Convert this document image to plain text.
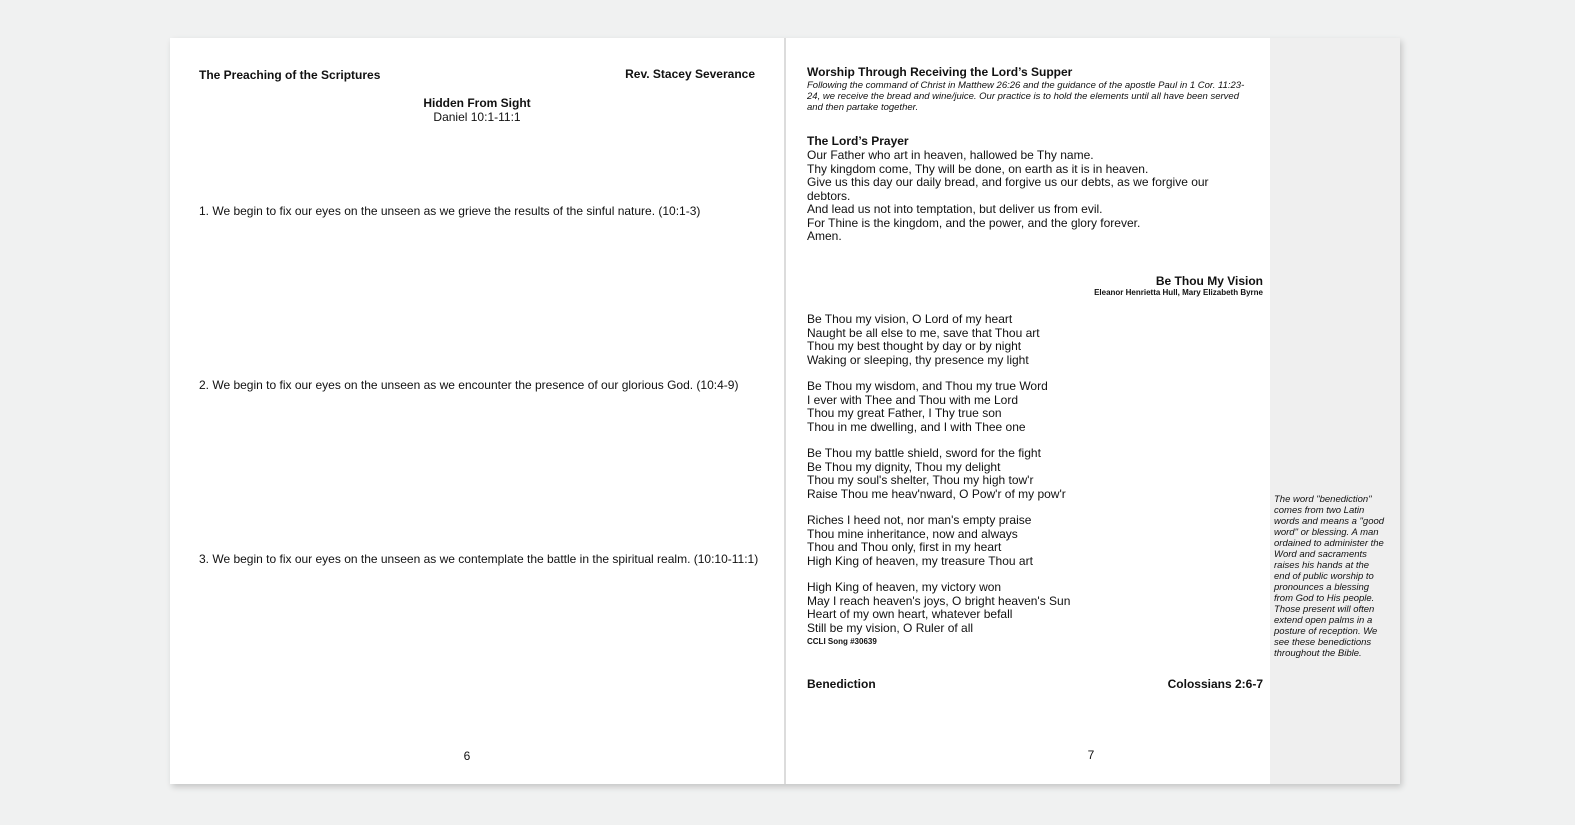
The Preaching of the Scriptures	Rev. Stacey Severance
Hidden From Sight
Daniel 10:1-11:1
1. We begin to fix our eyes on the unseen as we grieve the results of the sinful nature. (10:1-3)
2. We begin to fix our eyes on the unseen as we encounter the presence of our glorious God. (10:4-9)
3. We begin to fix our eyes on the unseen as we contemplate the battle in the spiritual realm. (10:10-11:1)
6
Worship Through Receiving the Lord’s Supper
Following the command of Christ in Matthew 26:26 and the guidance of the apostle Paul in 1 Cor. 11:23-24, we receive the bread and wine/juice. Our practice is to hold the elements until all have been served and then partake together.
The Lord’s Prayer
Our Father who art in heaven, hallowed be Thy name.
Thy kingdom come, Thy will be done, on earth as it is in heaven.
Give us this day our daily bread, and forgive us our debts, as we forgive our debtors.
And lead us not into temptation, but deliver us from evil.
For Thine is the kingdom, and the power, and the glory forever.
Amen.
Be Thou My Vision
Eleanor Henrietta Hull, Mary Elizabeth Byrne
Be Thou my vision, O Lord of my heart
Naught be all else to me, save that Thou art
Thou my best thought by day or by night
Waking or sleeping, thy presence my light
Be Thou my wisdom, and Thou my true Word
I ever with Thee and Thou with me Lord
Thou my great Father, I Thy true son
Thou in me dwelling, and I with Thee one
Be Thou my battle shield, sword for the fight
Be Thou my dignity, Thou my delight
Thou my soul's shelter, Thou my high tow'r
Raise Thou me heav'nward, O Pow'r of my pow'r
Riches I heed not, nor man's empty praise
Thou mine inheritance, now and always
Thou and Thou only, first in my heart
High King of heaven, my treasure Thou art
High King of heaven, my victory won
May I reach heaven's joys, O bright heaven's Sun
Heart of my own heart, whatever befall
Still be my vision, O Ruler of all
CCLI Song #30639
Benediction	Colossians 2:6-7
7
The word "benediction" comes from two Latin words and means a "good word" or blessing. A man ordained to administer the Word and sacraments raises his hands at the end of public worship to pronounces a blessing from God to His people. Those present will often extend open palms in a posture of reception. We see these benedictions throughout the Bible.
